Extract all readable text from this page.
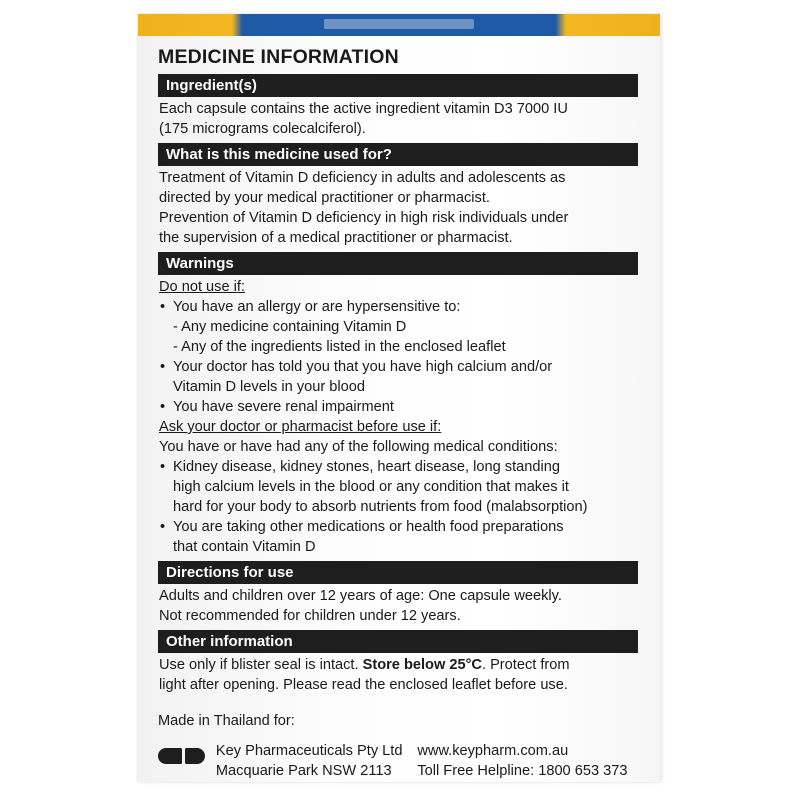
MEDICINE INFORMATION
Ingredient(s)
Each capsule contains the active ingredient vitamin D3 7000 IU
(175 micrograms colecalciferol).
What is this medicine used for?
Treatment of Vitamin D deficiency in adults and adolescents as
directed by your medical practitioner or pharmacist.
Prevention of Vitamin D deficiency in high risk individuals under
the supervision of a medical practitioner or pharmacist.
Warnings
Do not use if:
• You have an allergy or are hypersensitive to:
- Any medicine containing Vitamin D
- Any of the ingredients listed in the enclosed leaflet
• Your doctor has told you that you have high calcium and/or
Vitamin D levels in your blood
• You have severe renal impairment
Ask your doctor or pharmacist before use if:
You have or have had any of the following medical conditions:
• Kidney disease, kidney stones, heart disease, long standing
high calcium levels in the blood or any condition that makes it
hard for your body to absorb nutrients from food (malabsorption)
• You are taking other medications or health food preparations
that contain Vitamin D
Directions for use
Adults and children over 12 years of age: One capsule weekly.
Not recommended for children under 12 years.
Other information
Use only if blister seal is intact. Store below 25°C. Protect from
light after opening. Please read the enclosed leaflet before use.
Made in Thailand for:
Key Pharmaceuticals Pty Ltd
Macquarie Park NSW 2113
www.keypharm.com.au
Toll Free Helpline: 1800 653 373
